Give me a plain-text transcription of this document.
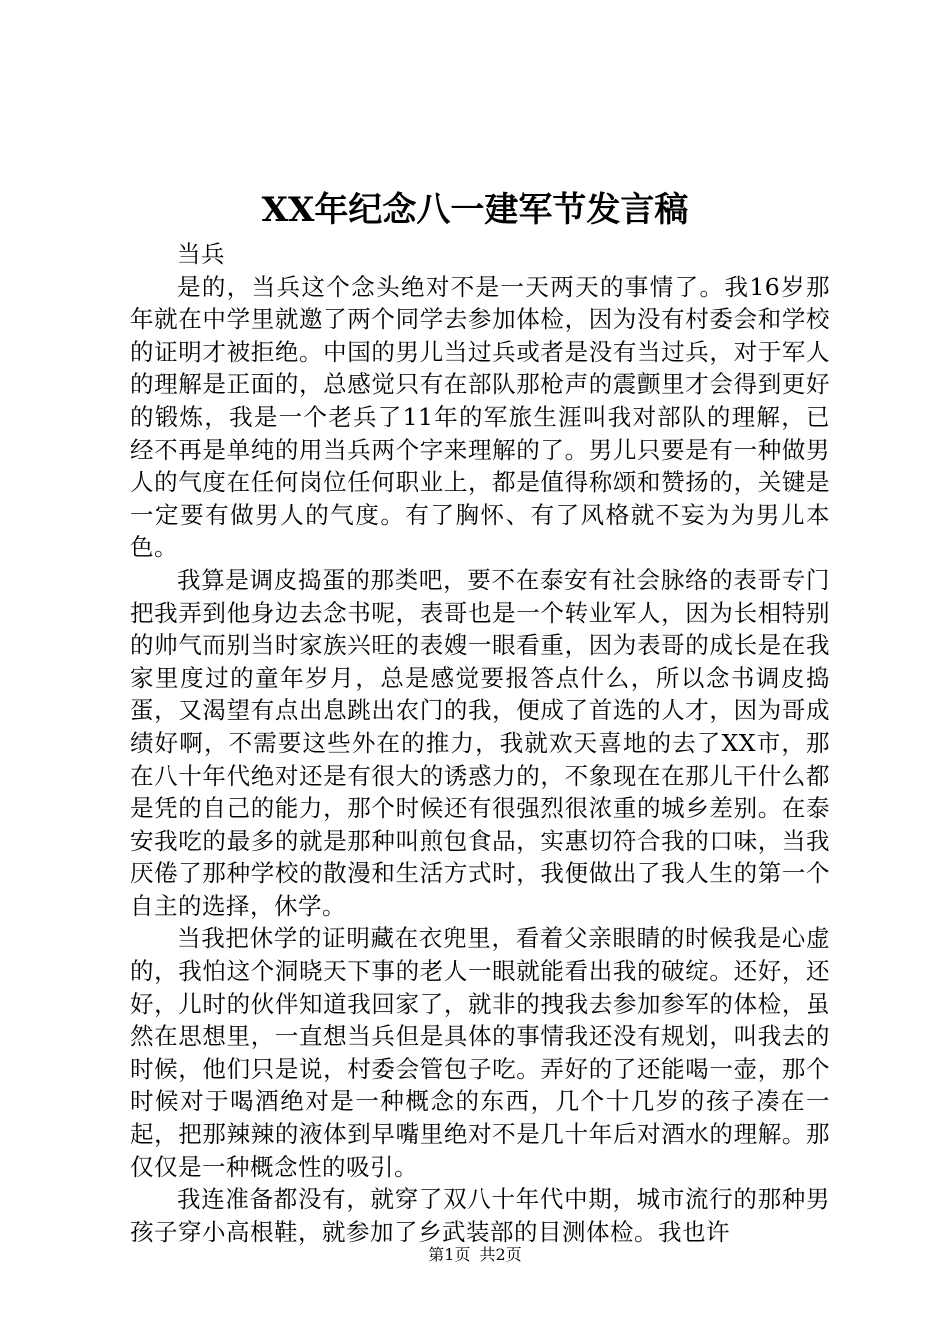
XX年纪念八一建军节发言稿

当兵

是的，当兵这个念头绝对不是一天两天的事情了。我16岁那年就在中学里就邀了两个同学去参加体检，因为没有村委会和学校的证明才被拒绝。中国的男儿当过兵或者是没有当过兵，对于军人的理解是正面的，总感觉只有在部队那枪声的震颤里才会得到更好的锻炼，我是一个老兵了11年的军旅生涯叫我对部队的理解，已经不再是单纯的用当兵两个字来理解的了。男儿只要是有一种做男人的气度在任何岗位任何职业上，都是值得称颂和赞扬的，关键是一定要有做男人的气度。有了胸怀、有了风格就不妄为为男儿本色。

我算是调皮捣蛋的那类吧，要不在泰安有社会脉络的表哥专门把我弄到他身边去念书呢，表哥也是一个转业军人，因为长相特别的帅气而别当时家族兴旺的表嫂一眼看重，因为表哥的成长是在我家里度过的童年岁月，总是感觉要报答点什么，所以念书调皮捣蛋，又渴望有点出息跳出农门的我，便成了首选的人才，因为哥成绩好啊，不需要这些外在的推力，我就欢天喜地的去了XX市，那在八十年代绝对还是有很大的诱惑力的，不象现在在那儿干什么都是凭的自己的能力，那个时候还有很强烈很浓重的城乡差别。在泰安我吃的最多的就是那种叫煎包食品，实惠切符合我的口味，当我厌倦了那种学校的散漫和生活方式时，我便做出了我人生的第一个自主的选择，休学。

当我把休学的证明藏在衣兜里，看着父亲眼睛的时候我是心虚的，我怕这个洞晓天下事的老人一眼就能看出我的破绽。还好，还好，儿时的伙伴知道我回家了，就非的拽我去参加参军的体检，虽然在思想里，一直想当兵但是具体的事情我还没有规划，叫我去的时候，他们只是说，村委会管包子吃。弄好的了还能喝一壶，那个时候对于喝酒绝对是一种概念的东西，几个十几岁的孩子凑在一起，把那辣辣的液体到早嘴里绝对不是几十年后对酒水的理解。那仅仅是一种概念性的吸引。

我连准备都没有，就穿了双八十年代中期，城市流行的那种男孩子穿小高根鞋，就参加了乡武装部的目测体检。我也许

第1页 共2页
